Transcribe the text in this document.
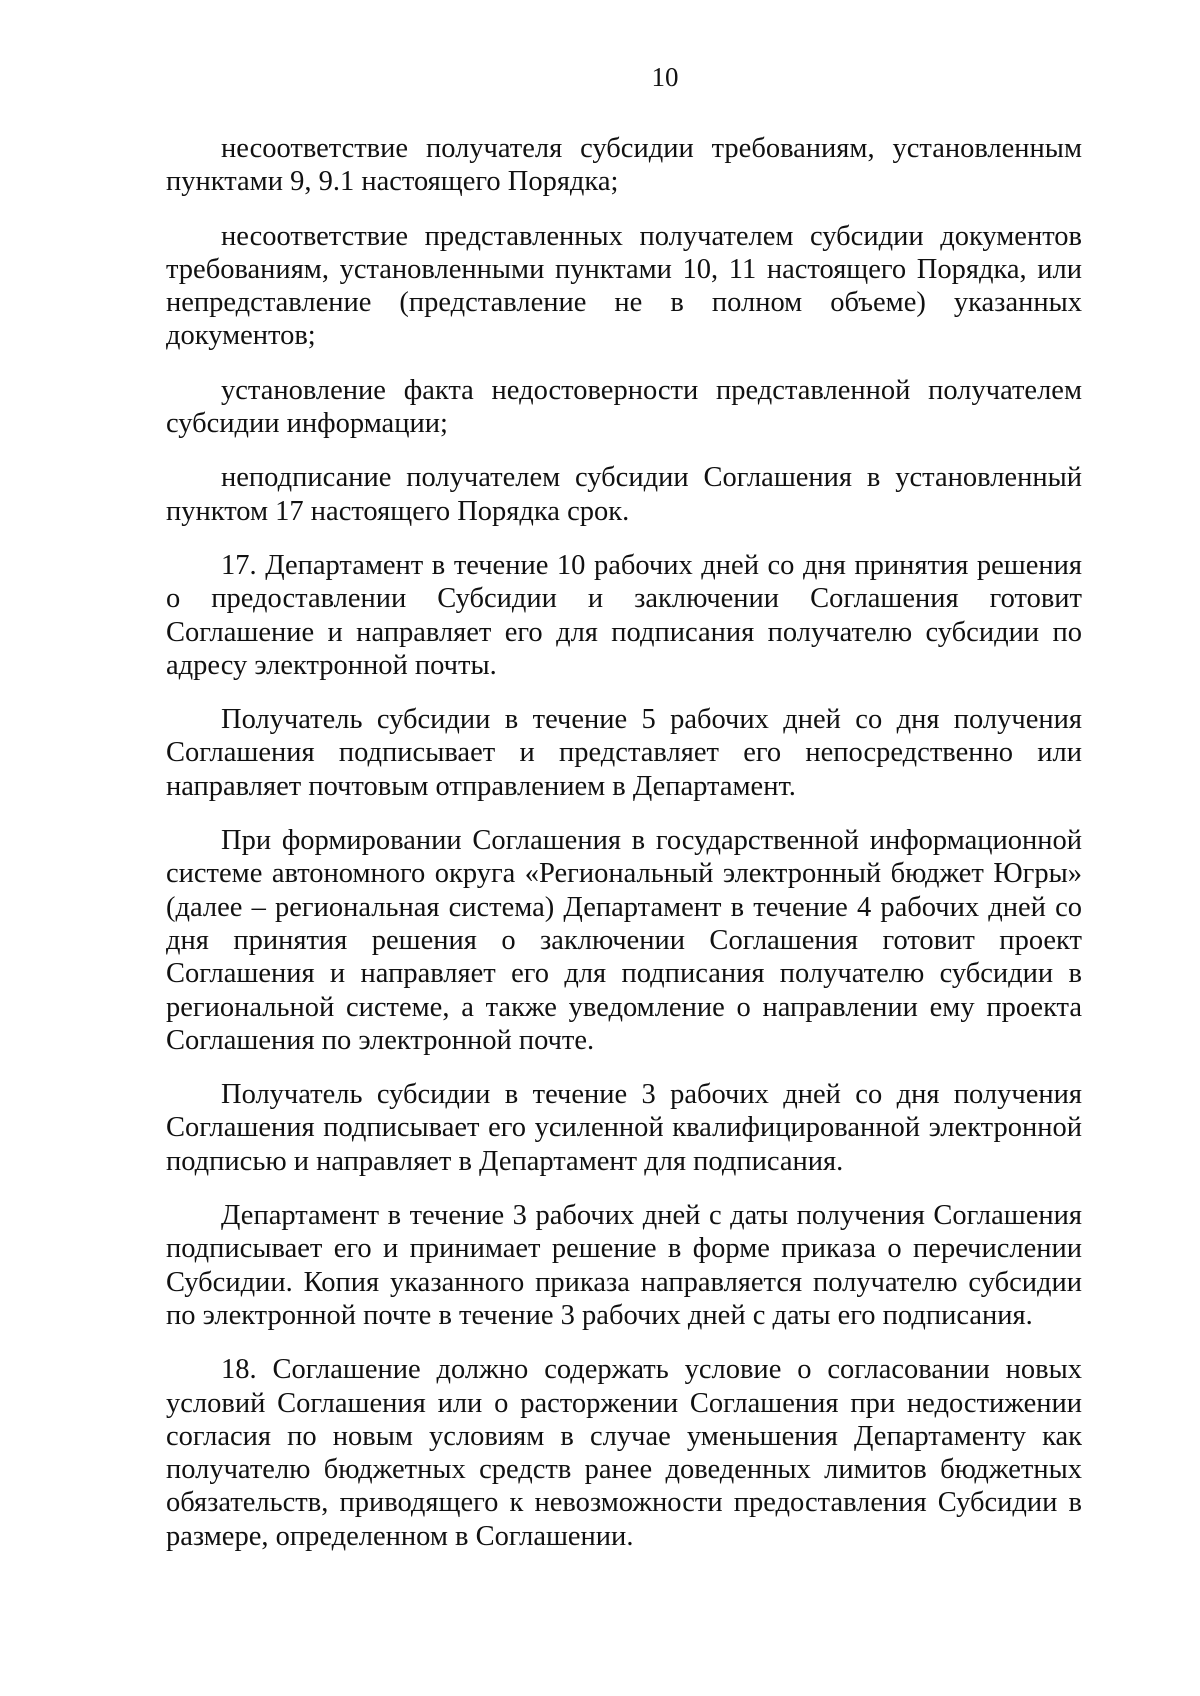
10

несоответствие получателя субсидии требованиям, установленным пунктами 9, 9.1 настоящего Порядка;

несоответствие представленных получателем субсидии документов требованиям, установленными пунктами 10, 11 настоящего Порядка, или непредставление (представление не в полном объеме) указанных документов;

установление факта недостоверности представленной получателем субсидии информации;

неподписание получателем субсидии Соглашения в установленный пунктом 17 настоящего Порядка срок.

17. Департамент в течение 10 рабочих дней со дня принятия решения о предоставлении Субсидии и заключении Соглашения готовит Соглашение и направляет его для подписания получателю субсидии по адресу электронной почты.

Получатель субсидии в течение 5 рабочих дней со дня получения Соглашения подписывает и представляет его непосредственно или направляет почтовым отправлением в Департамент.

При формировании Соглашения в государственной информационной системе автономного округа «Региональный электронный бюджет Югры» (далее – региональная система) Департамент в течение 4 рабочих дней со дня принятия решения о заключении Соглашения готовит проект Соглашения и направляет его для подписания получателю субсидии в региональной системе, а также уведомление о направлении ему проекта Соглашения по электронной почте.

Получатель субсидии в течение 3 рабочих дней со дня получения Соглашения подписывает его усиленной квалифицированной электронной подписью и направляет в Департамент для подписания.

Департамент в течение 3 рабочих дней с даты получения Соглашения подписывает его и принимает решение в форме приказа о перечислении Субсидии. Копия указанного приказа направляется получателю субсидии по электронной почте в течение 3 рабочих дней с даты его подписания.

18. Соглашение должно содержать условие о согласовании новых условий Соглашения или о расторжении Соглашения при недостижении согласия по новым условиям в случае уменьшения Департаменту как получателю бюджетных средств ранее доведенных лимитов бюджетных обязательств, приводящего к невозможности предоставления Субсидии в размере, определенном в Соглашении.
